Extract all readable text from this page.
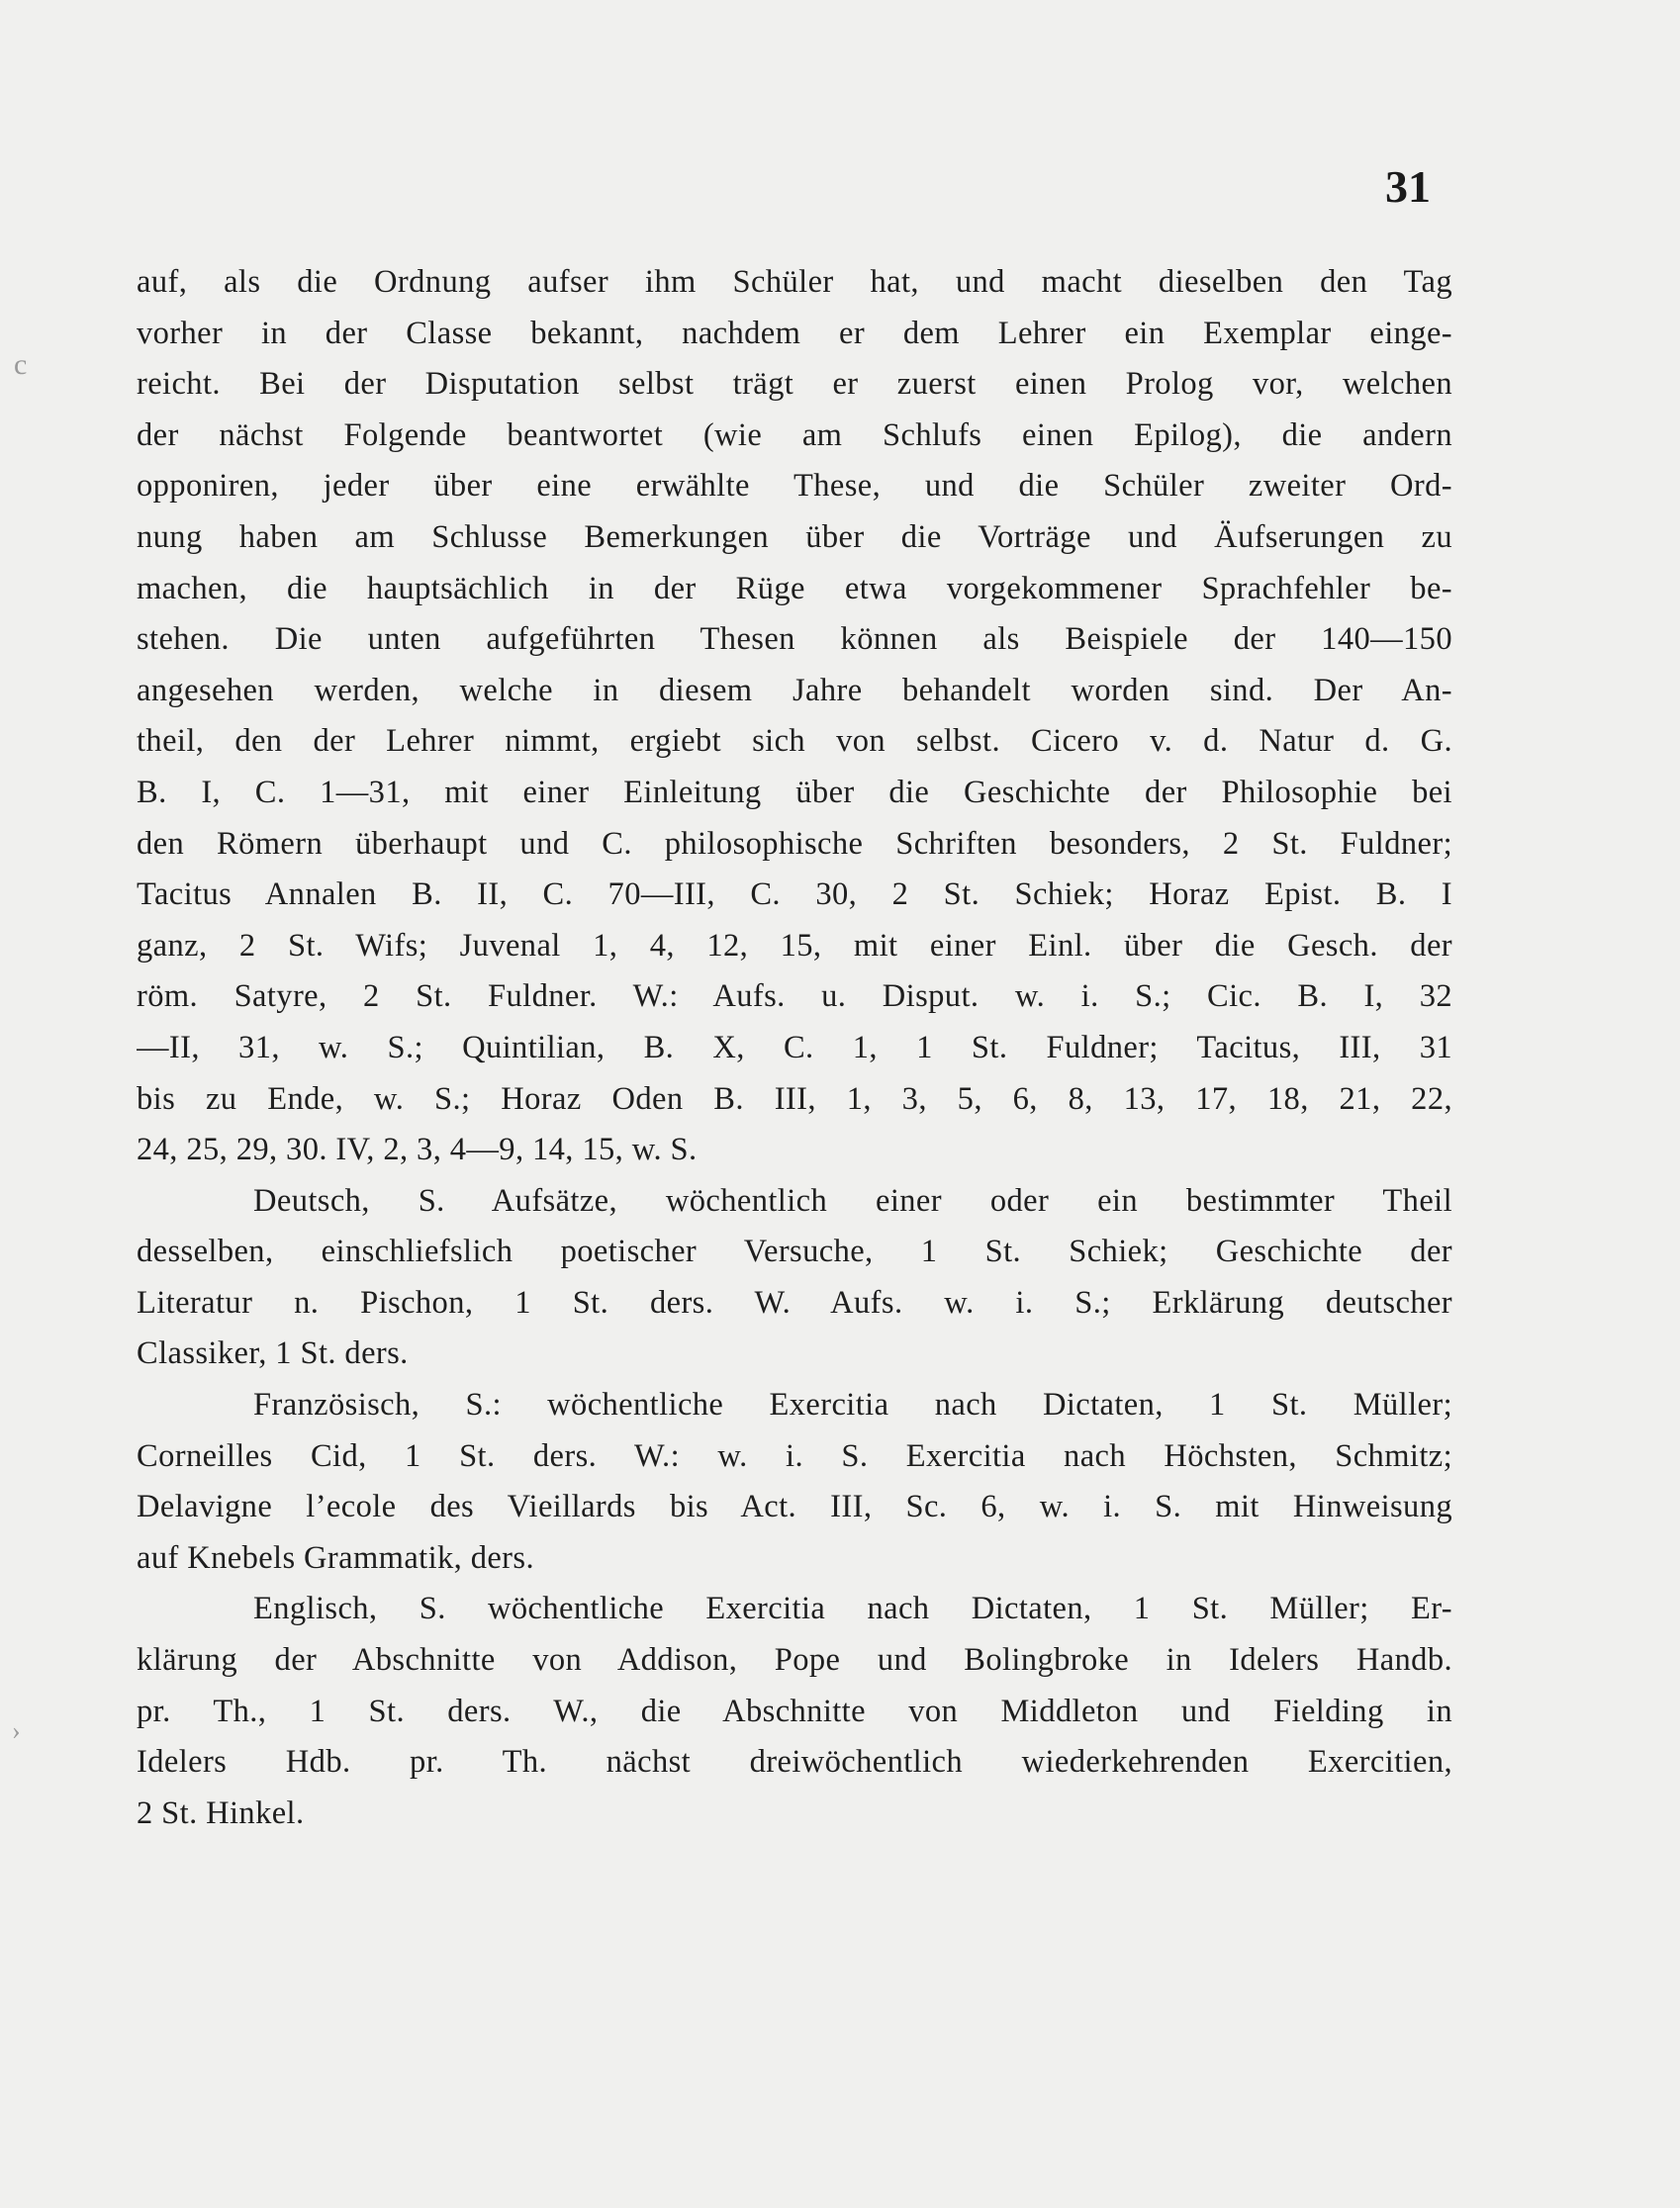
31
c
›
auf, als die Ordnung aufser ihm Schüler hat, und macht dieselben den Tag
vorher in der Classe bekannt, nachdem er dem Lehrer ein Exemplar einge-
reicht. Bei der Disputation selbst trägt er zuerst einen Prolog vor, welchen
der nächst Folgende beantwortet (wie am Schlufs einen Epilog), die andern
opponiren, jeder über eine erwählte These, und die Schüler zweiter Ord-
nung haben am Schlusse Bemerkungen über die Vorträge und Äufserungen zu
machen, die hauptsächlich in der Rüge etwa vorgekommener Sprachfehler be-
stehen. Die unten aufgeführten Thesen können als Beispiele der 140—150
angesehen werden, welche in diesem Jahre behandelt worden sind. Der An-
theil, den der Lehrer nimmt, ergiebt sich von selbst. Cicero v. d. Natur d. G.
B. I, C. 1—31, mit einer Einleitung über die Geschichte der Philosophie bei
den Römern überhaupt und C. philosophische Schriften besonders, 2 St. Fuldner;
Tacitus Annalen B. II, C. 70—III, C. 30, 2 St. Schiek; Horaz Epist. B. I
ganz, 2 St. Wifs; Juvenal 1, 4, 12, 15, mit einer Einl. über die Gesch. der
röm. Satyre, 2 St. Fuldner. W.: Aufs. u. Disput. w. i. S.; Cic. B. I, 32
—II, 31, w. S.; Quintilian, B. X, C. 1, 1 St. Fuldner; Tacitus, III, 31
bis zu Ende, w. S.; Horaz Oden B. III, 1, 3, 5, 6, 8, 13, 17, 18, 21, 22,
24, 25, 29, 30. IV, 2, 3, 4—9, 14, 15, w. S.
Deutsch, S. Aufsätze, wöchentlich einer oder ein bestimmter Theil
desselben, einschliefslich poetischer Versuche, 1 St. Schiek; Geschichte der
Literatur n. Pischon, 1 St. ders. W. Aufs. w. i. S.; Erklärung deutscher
Classiker, 1 St. ders.
Französisch, S.: wöchentliche Exercitia nach Dictaten, 1 St. Müller;
Corneilles Cid, 1 St. ders. W.: w. i. S. Exercitia nach Höchsten, Schmitz;
Delavigne l’ecole des Vieillards bis Act. III, Sc. 6, w. i. S. mit Hinweisung
auf Knebels Grammatik, ders.
Englisch, S. wöchentliche Exercitia nach Dictaten, 1 St. Müller; Er-
klärung der Abschnitte von Addison, Pope und Bolingbroke in Idelers Handb.
pr. Th., 1 St. ders. W., die Abschnitte von Middleton und Fielding in
Idelers Hdb. pr. Th. nächst dreiwöchentlich wiederkehrenden Exercitien,
2 St. Hinkel.
